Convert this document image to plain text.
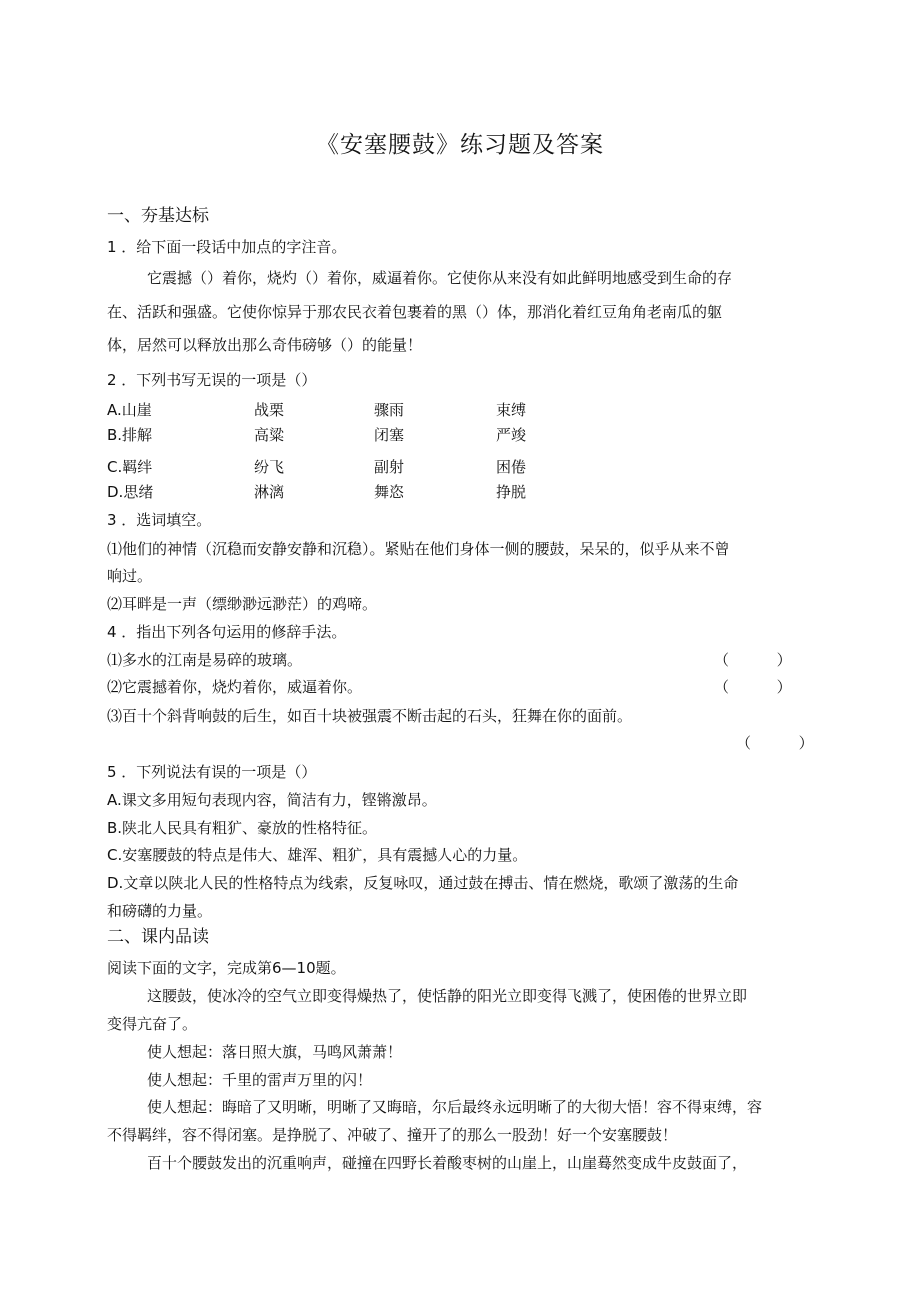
《安塞腰鼓》练习题及答案
一、夯基达标
1 ．给下面一段话中加点的字注音。
它震撼（）着你，烧灼（）着你，威逼着你。它使你从来没有如此鲜明地感受到生命的存
在、活跃和强盛。它使你惊异于那农民衣着包裹着的黑（）体，那消化着红豆角角老南瓜的躯
体，居然可以释放出那么奇伟磅够（）的能量！
2 ．下列书写无误的一项是（）
A.山崖	战栗	骤雨	束缚
B.排解	高粱	闭塞	严竣
C.羁绊	纷飞	副射	困倦
D.思绪	淋漓	舞恣	挣脱
3 ．选词填空。
⑴他们的神情（沉稳而安静安静和沉稳）。紧贴在他们身体一侧的腰鼓，呆呆的，似乎从来不曾
响过。
⑵耳畔是一声（缥缈渺远渺茫）的鸡啼。
4 ．指出下列各句运用的修辞手法。
⑴多水的江南是易碎的玻璃。	（          ）
⑵它震撼着你，烧灼着你，威逼着你。	（          ）
⑶百十个斜背响鼓的后生，如百十块被强震不断击起的石头，狂舞在你的面前。
（          ）
5 ．下列说法有误的一项是（）
A.课文多用短句表现内容，简洁有力，铿锵激昂。
B.陕北人民具有粗犷、豪放的性格特征。
C.安塞腰鼓的特点是伟大、雄浑、粗犷，具有震撼人心的力量。
D.文章以陕北人民的性格特点为线索，反复咏叹，通过鼓在搏击、情在燃烧，歌颂了激荡的生命
和磅礴的力量。
二、课内品读
阅读下面的文字，完成第6—10题。
这腰鼓，使冰冷的空气立即变得燥热了，使恬静的阳光立即变得飞溅了，使困倦的世界立即
变得亢奋了。
使人想起：落日照大旗，马鸣风萧萧！
使人想起：千里的雷声万里的闪！
使人想起：晦暗了又明晰，明晰了又晦暗，尔后最终永远明晰了的大彻大悟！容不得束缚，容
不得羁绊，容不得闭塞。是挣脱了、冲破了、撞开了的那么一股劲！好一个安塞腰鼓！
百十个腰鼓发出的沉重响声，碰撞在四野长着酸枣树的山崖上，山崖蓦然变成牛皮鼓面了，
